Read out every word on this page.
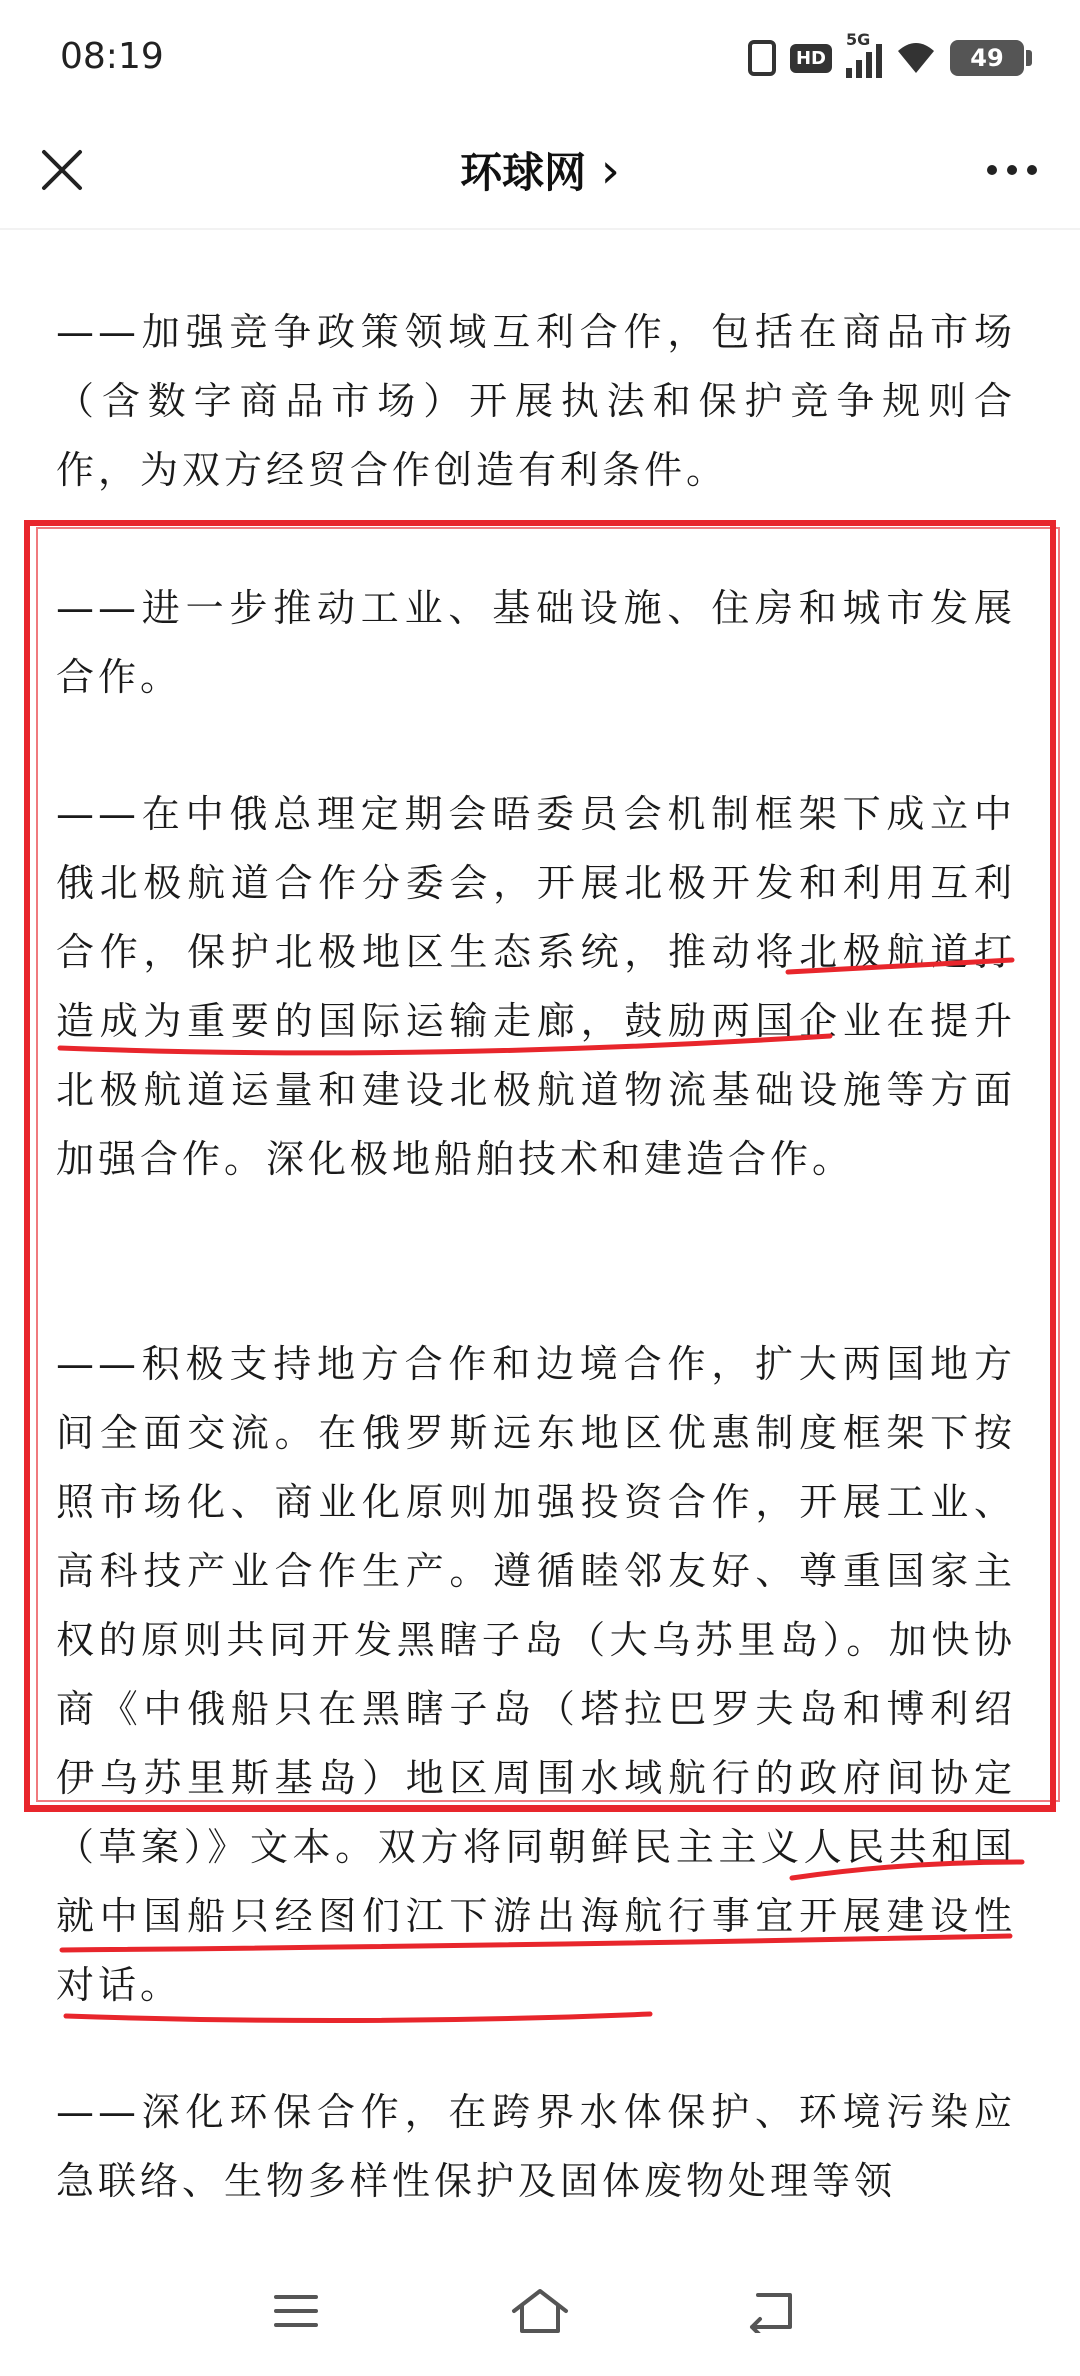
08:19	HD
5G
49
环球网 ›

——加强竞争政策领域互利合作，包括在商品市场（含数字商品市场）开展执法和保护竞争规则合作，为双方经贸合作创造有利条件。

——进一步推动工业、基础设施、住房和城市发展合作。

——在中俄总理定期会晤委员会机制框架下成立中俄北极航道合作分委会，开展北极开发和利用互利合作，保护北极地区生态系统，推动将北极航道打造成为重要的国际运输走廊，鼓励两国企业在提升北极航道运量和建设北极航道物流基础设施等方面加强合作。深化极地船舶技术和建造合作。

——积极支持地方合作和边境合作，扩大两国地方间全面交流。在俄罗斯远东地区优惠制度框架下按照市场化、商业化原则加强投资合作，开展工业、高科技产业合作生产。遵循睦邻友好、尊重国家主权的原则共同开发黑瞎子岛（大乌苏里岛）。加快协商《中俄船只在黑瞎子岛（塔拉巴罗夫岛和博利绍伊乌苏里斯基岛）地区周围水域航行的政府间协定（草案）》文本。双方将同朝鲜民主主义人民共和国就中国船只经图们江下游出海航行事宜开展建设性对话。

——深化环保合作，在跨界水体保护、环境污染应急联络、生物多样性保护及固体废物处理等领
